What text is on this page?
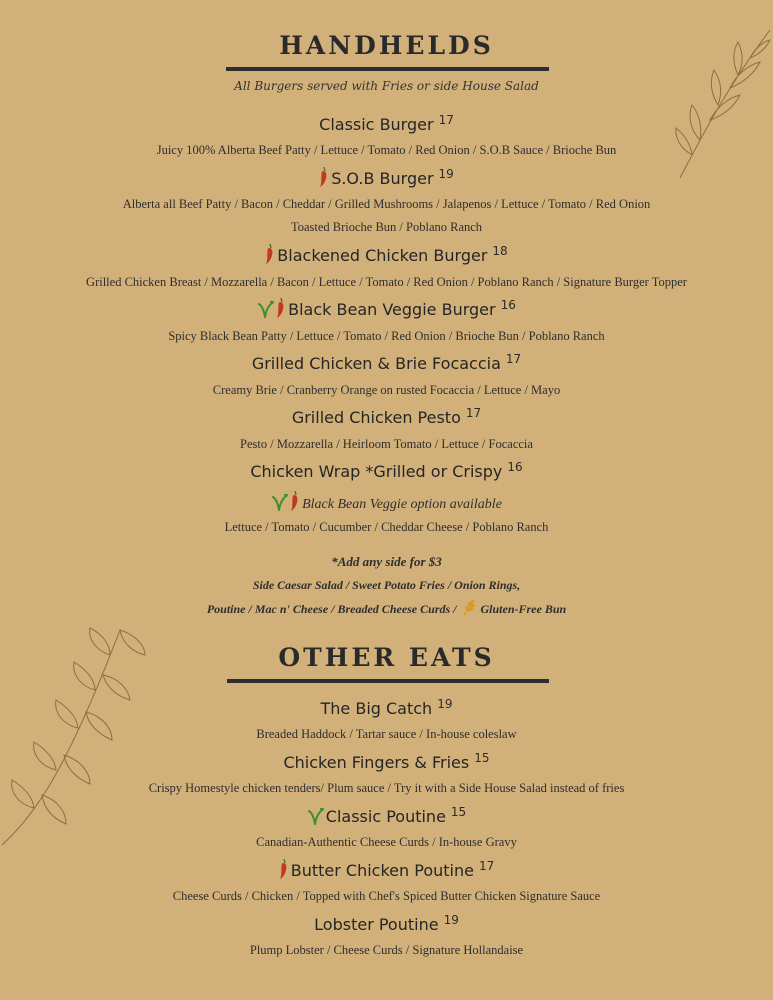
HANDHELDS
All Burgers served with Fries or side House Salad
Classic Burger $^{17}$
Juicy 100% Alberta Beef Patty / Lettuce / Tomato / Red Onion / S.O.B Sauce / Brioche Bun
S.O.B Burger $^{19}$
Alberta all Beef Patty / Bacon / Cheddar / Grilled Mushrooms / Jalapenos / Lettuce / Tomato / Red Onion
Toasted Brioche Bun / Poblano Ranch
Blackened Chicken Burger $^{18}$
Grilled Chicken Breast / Mozzarella / Bacon / Lettuce / Tomato / Red Onion / Poblano Ranch / Signature Burger Topper
Black Bean Veggie Burger $^{16}$
Spicy Black Bean Patty / Lettuce / Tomato / Red Onion / Brioche Bun / Poblano Ranch
Grilled Chicken & Brie Focaccia $^{17}$
Creamy Brie / Cranberry Orange on rusted Focaccia / Lettuce / Mayo
Grilled Chicken Pesto $^{17}$
Pesto / Mozzarella / Heirloom Tomato / Lettuce / Focaccia
Chicken Wrap *Grilled or Crispy $^{16}$
Black Bean Veggie option available
Lettuce / Tomato / Cucumber / Cheddar Cheese / Poblano Ranch
*Add any side for $3
Side Caesar Salad / Sweet Potato Fries / Onion Rings,
Poutine / Mac n' Cheese / Breaded Cheese Curds / Gluten-Free Bun
OTHER EATS
The Big Catch $^{19}$
Breaded Haddock / Tartar sauce / In-house coleslaw
Chicken Fingers & Fries $^{15}$
Crispy Homestyle chicken tenders/ Plum sauce / Try it with a Side House Salad instead of fries
Classic Poutine $^{15}$
Canadian-Authentic Cheese Curds / In-house Gravy
Butter Chicken Poutine $^{17}$
Cheese Curds / Chicken / Topped with Chef's Spiced Butter Chicken Signature Sauce
Lobster Poutine $^{19}$
Plump Lobster / Cheese Curds / Signature Hollandaise
